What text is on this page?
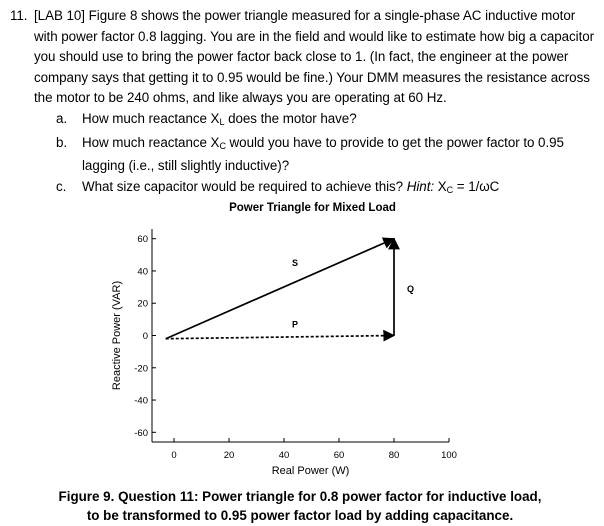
11. [LAB 10] Figure 8 shows the power triangle measured for a single-phase AC inductive motor with power factor 0.8 lagging. You are in the field and would like to estimate how big a capacitor you should use to bring the power factor back close to 1. (In fact, the engineer at the power company says that getting it to 0.95 would be fine.) Your DMM measures the resistance across the motor to be 240 ohms, and like always you are operating at 60 Hz.
a.	How much reactance $X_L$ does the motor have?
b.	How much reactance $X_C$ would you have to provide to get the power factor to 0.95 lagging (i.e., still slightly inductive)?
c.	What size capacitor would be required to achieve this? Hint: $X_C = 1/\omega C$
Power Triangle for Mixed Load
60
40
20
0
-20
-40
-60
0	20	40	60	80	100
Real Power (W)
Reactive Power (VAR)
S
P
Q
Figure 9. Question 11: Power triangle for 0.8 power factor for inductive load,
to be transformed to 0.95 power factor load by adding capacitance.
